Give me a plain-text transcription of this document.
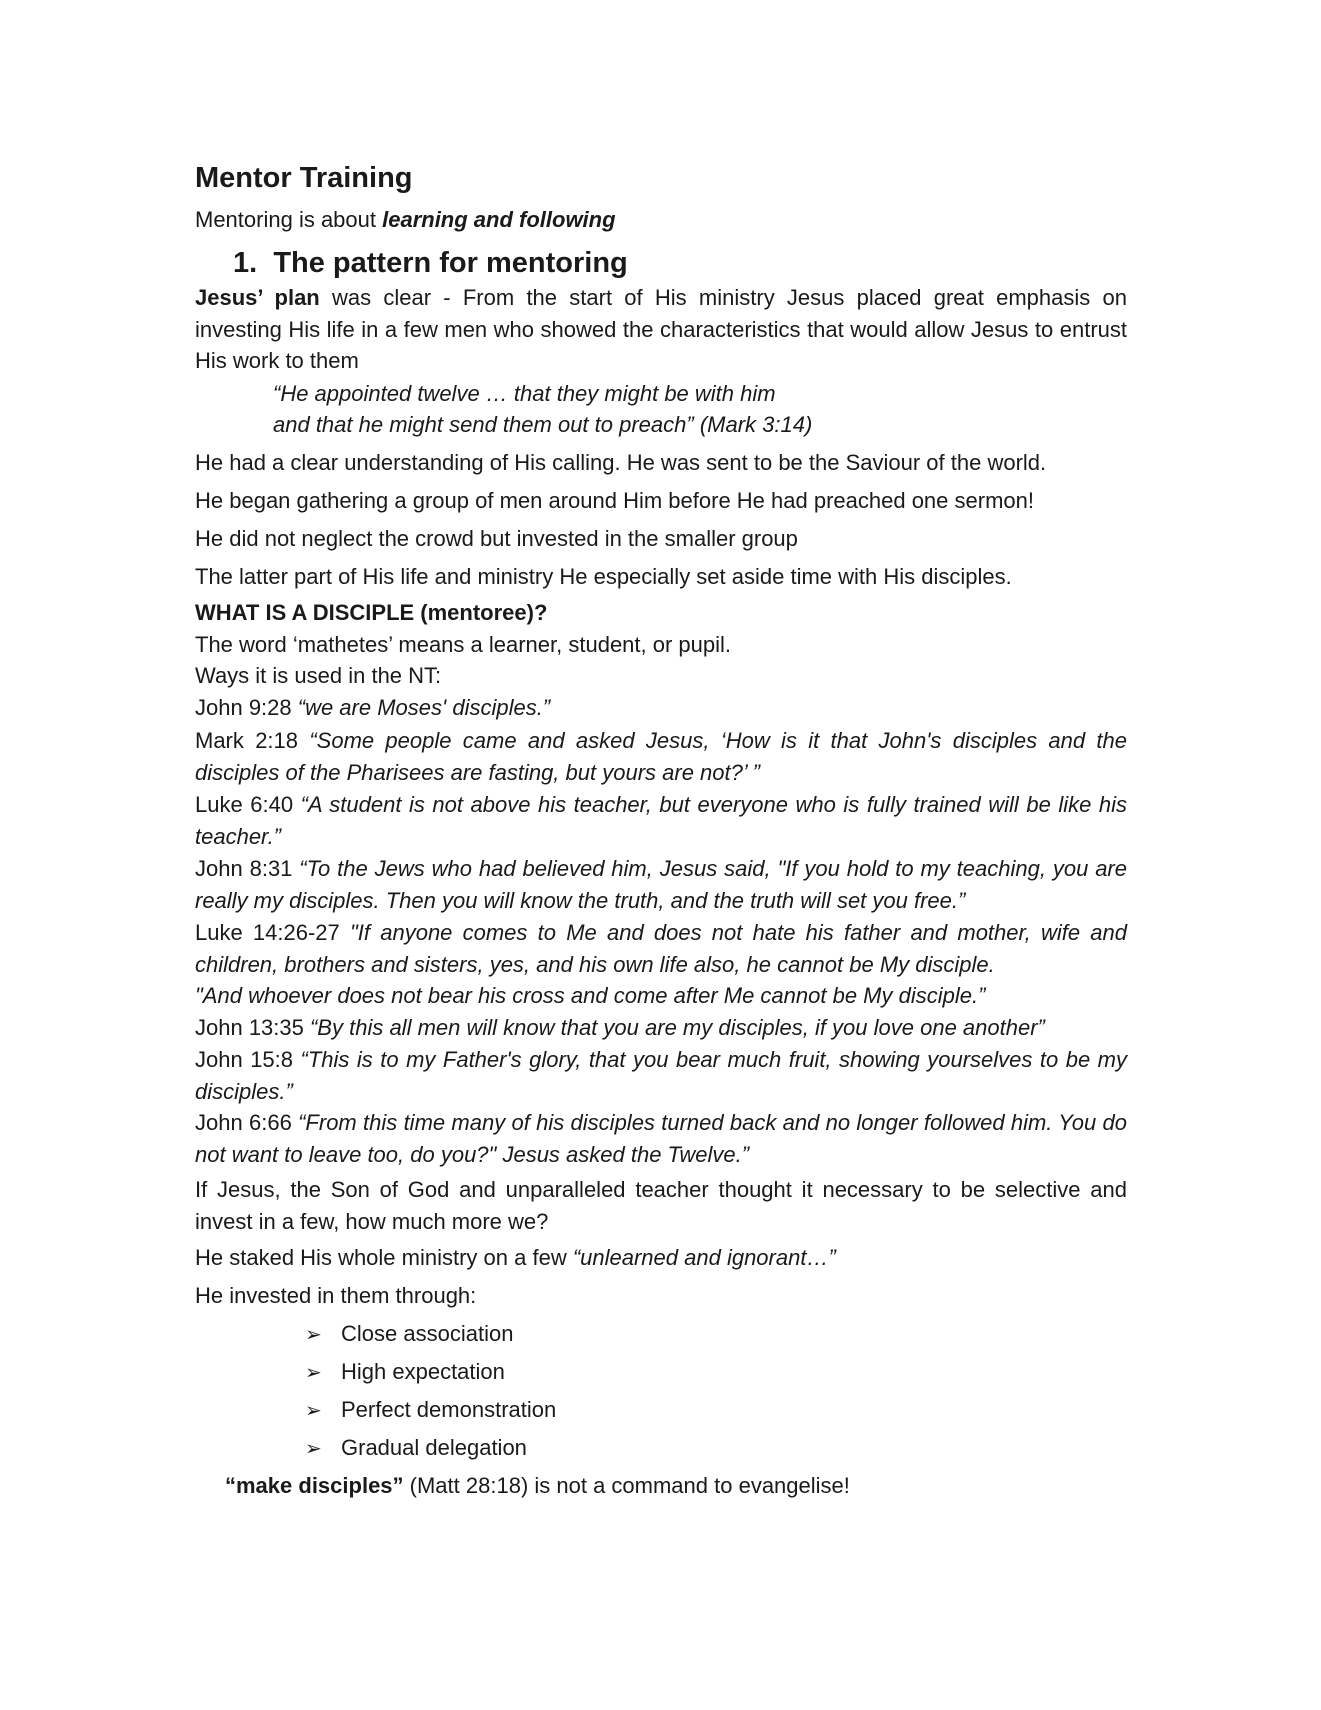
Mentor Training
Mentoring is about learning and following
1. The pattern for mentoring
Jesus’ plan was clear - From the start of His ministry Jesus placed great emphasis on investing His life in a few men who showed the characteristics that would allow Jesus to entrust His work to them
“He appointed twelve … that they might be with him
and that he might send them out to preach” (Mark 3:14)
He had a clear understanding of His calling. He was sent to be the Saviour of the world.
He began gathering a group of men around Him before He had preached one sermon!
He did not neglect the crowd but invested in the smaller group
The latter part of His life and ministry He especially set aside time with His disciples.
WHAT IS A DISCIPLE (mentoree)?
The word ‘mathetes’ means a learner, student, or pupil.
Ways it is used in the NT:
John 9:28 “we are Moses' disciples.”
Mark 2:18 “Some people came and asked Jesus, ‘How is it that John's disciples and the disciples of the Pharisees are fasting, but yours are not?’ ”
Luke 6:40 “A student is not above his teacher, but everyone who is fully trained will be like his teacher.”
John 8:31 “To the Jews who had believed him, Jesus said, "If you hold to my teaching, you are really my disciples. Then you will know the truth, and the truth will set you free.”
Luke 14:26-27 "If anyone comes to Me and does not hate his father and mother, wife and children, brothers and sisters, yes, and his own life also, he cannot be My disciple.
"And whoever does not bear his cross and come after Me cannot be My disciple.”
John 13:35 “By this all men will know that you are my disciples, if you love one another”
John 15:8 “This is to my Father's glory, that you bear much fruit, showing yourselves to be my disciples.”
John 6:66 “From this time many of his disciples turned back and no longer followed him. You do not want to leave too, do you?" Jesus asked the Twelve.”
If Jesus, the Son of God and unparalleled teacher thought it necessary to be selective and invest in a few, how much more we?
He staked His whole ministry on a few “unlearned and ignorant…”
He invested in them through:
➢ Close association
➢ High expectation
➢ Perfect demonstration
➢ Gradual delegation
“make disciples” (Matt 28:18) is not a command to evangelise!
